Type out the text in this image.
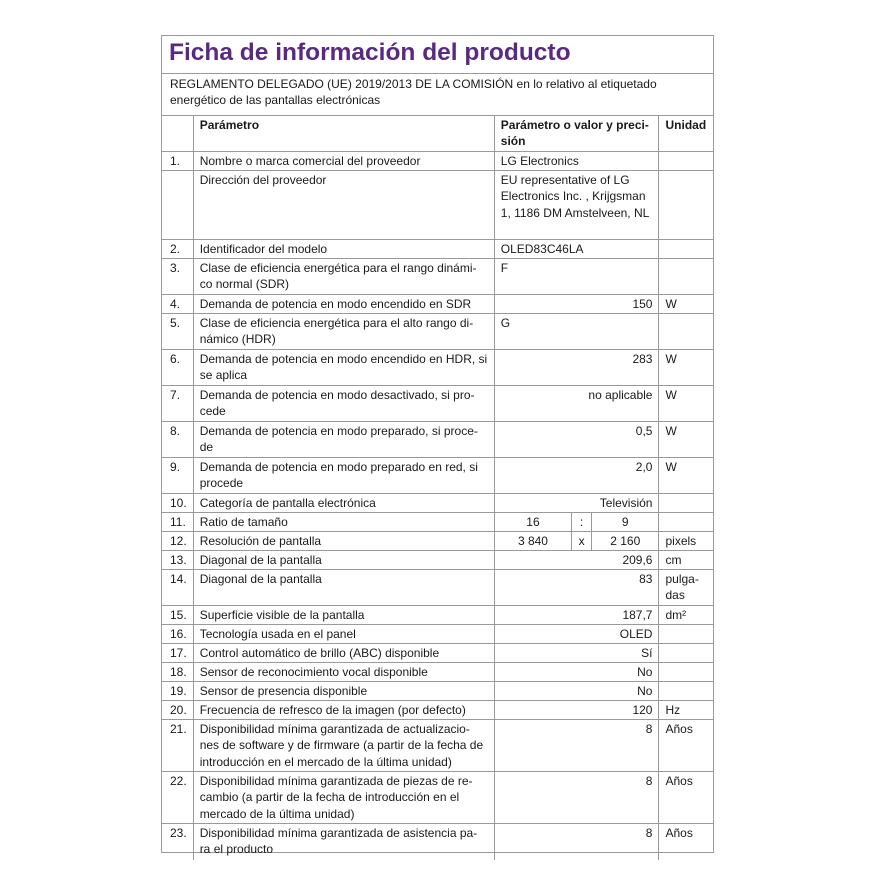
Ficha de información del producto
REGLAMENTO DELEGADO (UE) 2019/2013 DE LA COMISIÓN en lo relativo al etiquetado energético de las pantallas electrónicas
	Parámetro	Parámetro o valor y preci-sión			Unidad
1.	Nombre o marca comercial del proveedor	LG Electronics			
	Dirección del proveedor	EU representative of LG Electronics Inc. , Krijgsman 1, 1186 DM Amstelveen, NL			
2.	Identificador del modelo	OLED83C46LA			
3.	Clase de eficiencia energética para el rango dinámi-co normal (SDR)	F			
4.	Demanda de potencia en modo encendido en SDR	150			W
5.	Clase de eficiencia energética para el alto rango di-námico (HDR)	G			
6.	Demanda de potencia en modo encendido en HDR, si se aplica	283			W
7.	Demanda de potencia en modo desactivado, si pro-cede	no aplicable			W
8.	Demanda de potencia en modo preparado, si proce-de	0,5			W
9.	Demanda de potencia en modo preparado en red, si procede	2,0			W
10.	Categoría de pantalla electrónica	Televisión			
11.	Ratio de tamaño	16	:	9	
12.	Resolución de pantalla	3 840	x	2 160	pixels
13.	Diagonal de la pantalla	209,6			cm
14.	Diagonal de la pantalla	83			pulga-das
15.	Superficie visible de la pantalla	187,7			dm²
16.	Tecnología usada en el panel	OLED			
17.	Control automático de brillo (ABC) disponible	Sí			
18.	Sensor de reconocimiento vocal disponible	No			
19.	Sensor de presencia disponible	No			
20.	Frecuencia de refresco de la imagen (por defecto)	120			Hz
21.	Disponibilidad mínima garantizada de actualizacio-nes de software y de firmware (a partir de la fecha de introducción en el mercado de la última unidad)	8			Años
22.	Disponibilidad mínima garantizada de piezas de re-cambio (a partir de la fecha de introducción en el mercado de la última unidad)	8			Años
23.	Disponibilidad mínima garantizada de asistencia pa-ra el producto	8			Años
